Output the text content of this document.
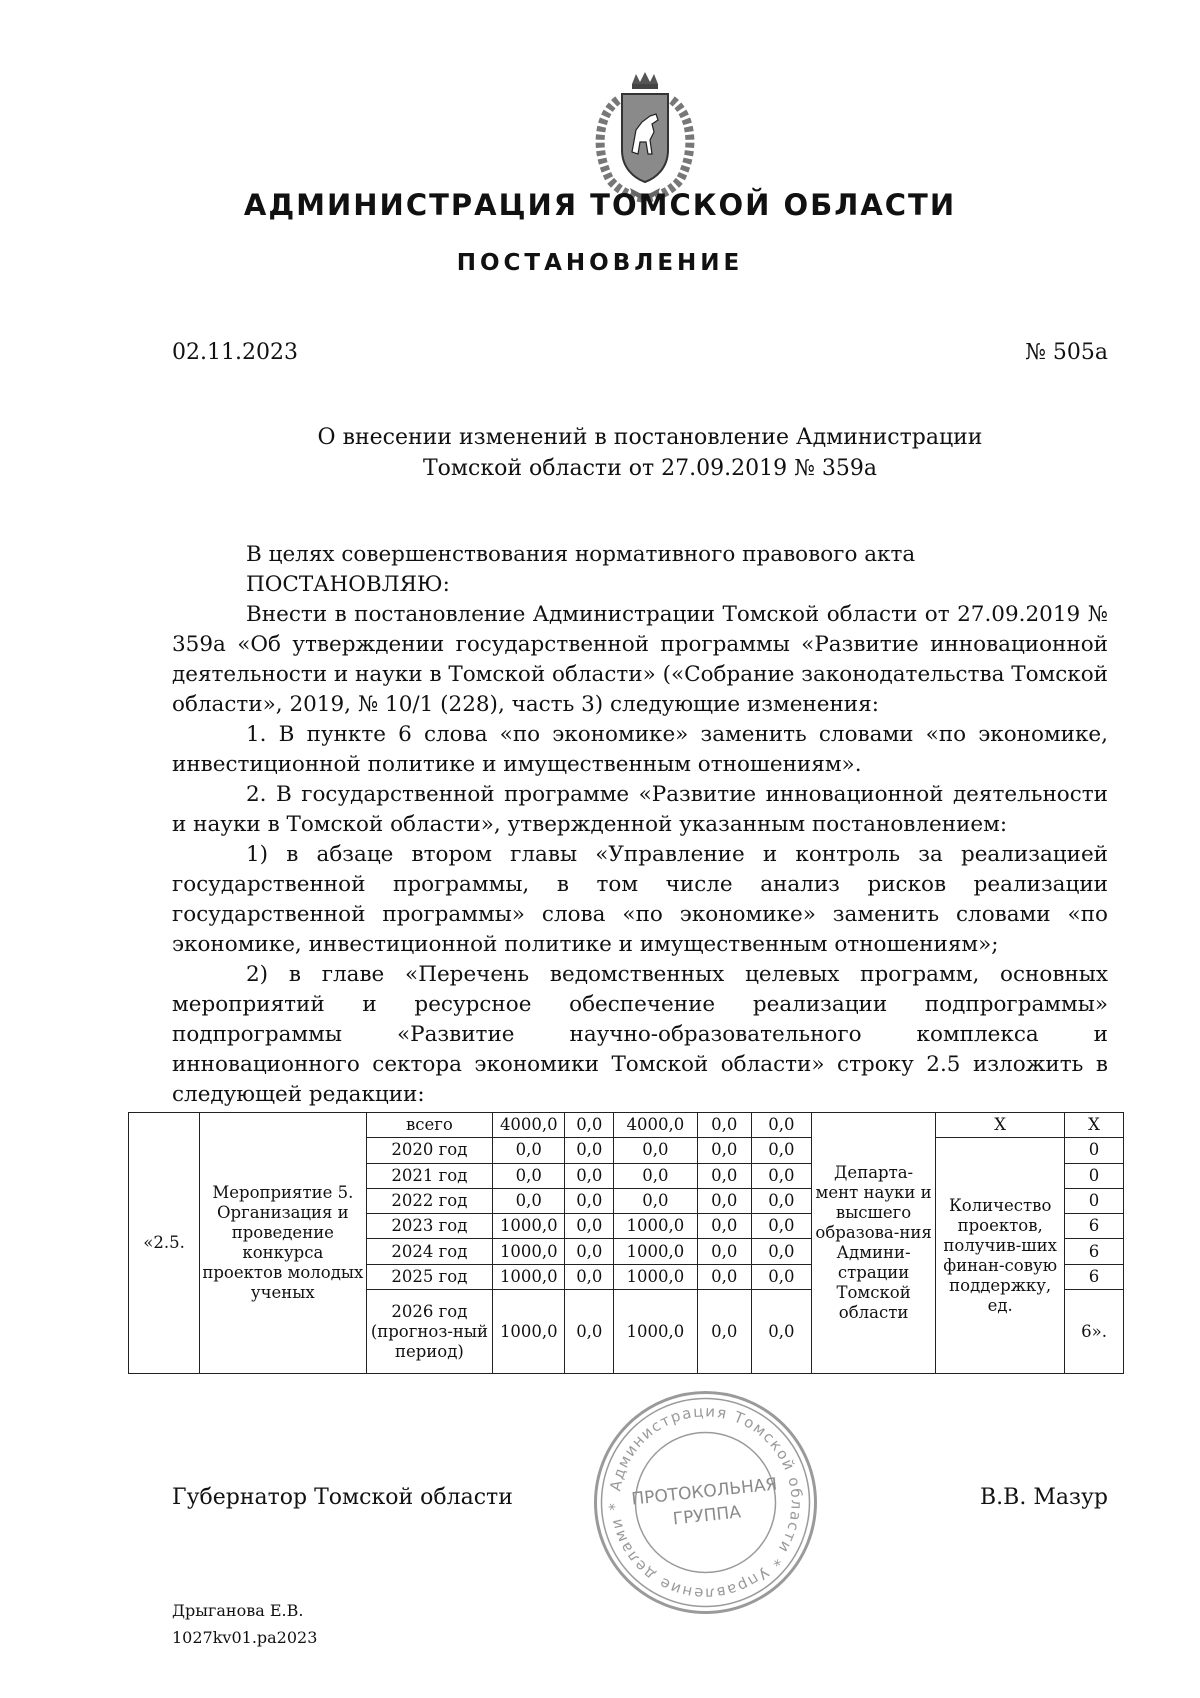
АДМИНИСТРАЦИЯ ТОМСКОЙ ОБЛАСТИ
ПОСТАНОВЛЕНИЕ
02.11.2023	№ 505а
О внесении изменений в постановление Администрации
Томской области от 27.09.2019 № 359а

В целях совершенствования нормативного правового акта

ПОСТАНОВЛЯЮ:

Внести в постановление Администрации Томской области от 27.09.2019 № 359а «Об утверждении государственной программы «Развитие инновационной деятельности и науки в Томской области» («Собрание законодательства Томской области», 2019, № 10/1 (228), часть 3) следующие изменения:

1. В пункте 6 слова «по экономике» заменить словами «по экономике, инвестиционной политике и имущественным отношениям».

2. В государственной программе «Развитие инновационной деятельности и науки в Томской области», утвержденной указанным постановлением:

1) в абзаце втором главы «Управление и контроль за реализацией государственной программы, в том числе анализ рисков реализации государственной программы» слова «по экономике» заменить словами «по экономике, инвестиционной политике и имущественным отношениям»;

2) в главе «Перечень ведомственных целевых программ, основных мероприятий и ресурсное обеспечение реализации подпрограммы» подпрограммы «Развитие научно-образовательного комплекса и инновационного сектора экономики Томской области» строку 2.5 изложить в следующей редакции:

«2.5.	Мероприятие 5. Организация и проведение конкурса проектов молодых ученых	всего	4000,0	0,0	4000,0	0,0	0,0	Департа-мент науки и высшего образова-ния Админи-страции Томской области	Х	Х
		2020 год	0,0	0,0	0,0	0,0	0,0		Количество проектов, получив-ших финан-совую поддержку, ед.	0
		2021 год	0,0	0,0	0,0	0,0	0,0			0
		2022 год	0,0	0,0	0,0	0,0	0,0			0
		2023 год	1000,0	0,0	1000,0	0,0	0,0			6
		2024 год	1000,0	0,0	1000,0	0,0	0,0			6
		2025 год	1000,0	0,0	1000,0	0,0	0,0			6
		2026 год (прогноз-ный период)	1000,0	0,0	1000,0	0,0	0,0			6».
Губернатор Томской области	В.В. Мазур
Администрация Томской области * Управление делами * ПРОТОКОЛЬНАЯ
ГРУППА
Дрыганова Е.В.
1027kv01.pa2023
